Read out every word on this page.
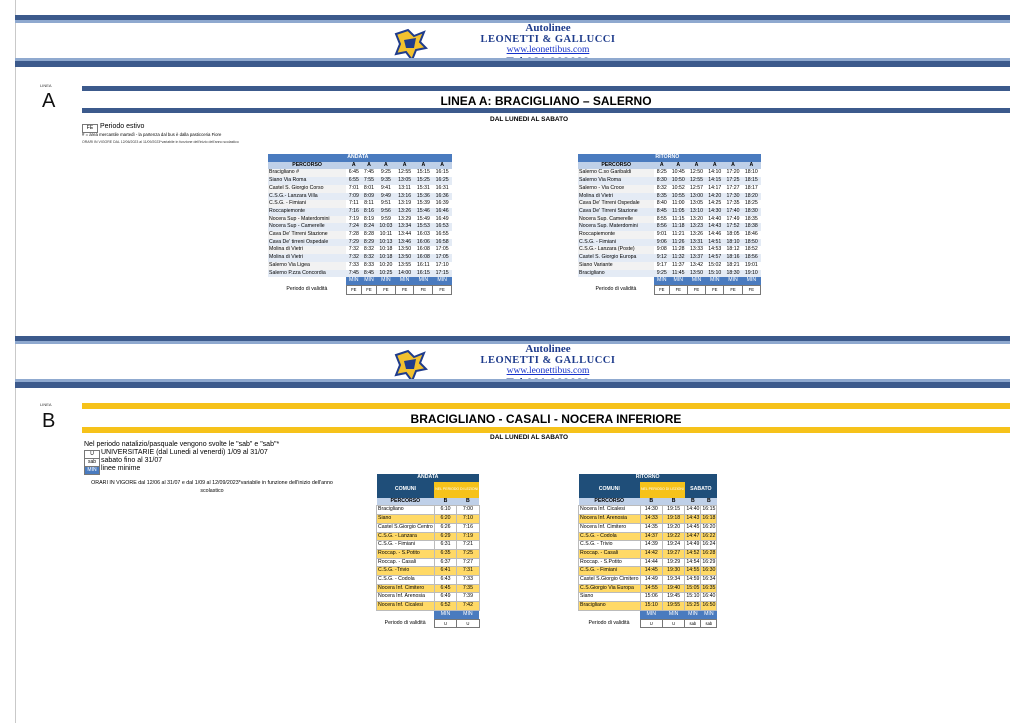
Autolinee
LEONETTI & GALLUCCI
www.leonettibus.com
LINEA
A	LINEA A: BRACIGLIANO – SALERNO
DAL LUNEDI AL SABATO
FE Periodo estivo
# = area mercantile martedì - la partenza dal bus è dalla pasticceria Fiore
ORARI IN VIGORE DAL 12/06/2023 al 11/09/2023*variabile in funzione dell'inizio dell'anno scolastico
	ANDATA					
PERCORSO	A	A	A	A	A	A
Bracigliano #	6:45	7:45	9:25	12:55	15:15	16:15
Siano Via Roma	6:55	7:55	9:35	13:05	15:25	16:25
Castel S. Giorgio Corso	7:01	8:01	9:41	13:11	15:31	16:31
C.S.G.- Lanzara Villa	7:09	8:09	9:49	13:16	15:36	16:36
C.S.G. - Fimiani	7:11	8:11	9:51	13:19	15:39	16:39
Roccapiemonte	7:16	8:16	9:56	13:26	15:46	16:46
Nocera Sup - Materdomini	7:19	8:19	9:59	13:29	15:49	16:49
Nocera Sup - Camerelle	7:24	8:24	10:03	13:34	15:53	16:53
Cava De' Tirreni Stazione	7:28	8:28	10:11	13:44	16:03	16:55
Cava De' tirreni Ospedale	7:29	8:29	10:13	13:46	16:06	16:58
Molina di Vietri	7:32	8:32	10:18	13:50	16:08	17:05
Molina di Vietri	7:32	8:32	10:18	13:50	16:08	17:05
Salerno Via Ligea	7:33	8:33	10:20	13:55	16:11	17:10
Salerno P.zza Concordia	7:45	8:45	10:25	14:00	16:15	17:15
	MIN	MIN	MIN	MIN	MIN	MIN
Periodo di validità	FE	FE	FE	FE	FE	FE
	RITORNO					
PERCORSO	A	A	A	A	A	A
Salerno C.so Garibaldi	8:25	10:45	12:50	14:10	17:20	18:10
Salerno Via Roma	8:30	10:50	12:55	14:15	17:25	18:15
Salerno - Via Croce	8:32	10:52	12:57	14:17	17:27	18:17
Molina di Vietri	8:35	10:55	13:00	14:20	17:30	18:20
Cava De' Tirreni Ospedale	8:40	11:00	13:05	14:25	17:35	18:25
Cava De' Tirreni Stazione	8:45	11:05	13:10	14:30	17:40	18:30
Nocera Sup. Camerelle	8:55	11:15	13:20	14:40	17:49	18:35
Nocera Sup. Materdomini	8:56	11:18	13:23	14:43	17:52	18:38
Roccapiemonte	9:01	11:21	13:26	14:46	18:05	18:46
C.S.G. - Fimiani	9:06	11:26	13:31	14:51	18:10	18:50
C.S.G.- Lanzara (Poste)	9:08	11:28	13:33	14:53	18:12	18:52
Castel S. Giorgio Europa	9:12	11:32	13:37	14:57	18:16	18:56
Siano Variante	9:17	11:37	13:42	15:02	18:21	19:01
Bracigliano	9:25	11:45	13:50	15:10	18:30	19:10
	MIN	MIN	MIN	MIN	MIN	MIN
Periodo di validità	FE	FE	FE	FE	FE	FE
Autolinee
LEONETTI & GALLUCCI
www.leonettibus.com
LINEA
B	BRACIGLIANO - CASALI - NOCERA INFERIORE
DAL LUNEDI AL SABATO
Nel periodo natalizio/pasquale vengono svolte le "sab" e "sab"*
U	UNIVERSITARIE (dal Lunedi al venerdi) 1/09 al 31/07
sab sabato fino al 31/07
MIN linee minime
ORARI IN VIGORE dal 12/06 al 31/07 e dal 1/09 al 12/09/2023*variabile in funzione dell'inizio dell'anno scolastico
ANDATA		
COMUNI	NEL PERIODO DI LEZIONI	
PERCORSO	B	B
Bracigliano	6:10	7:00
Siano	6:20	7:10
Castel S.Giorgio Centro	6:26	7:16
C.S.G. - Lanzara	6:29	7:19
C.S.G. - Fimiani	6:31	7:21
Roccap. - S.Potito	6:35	7:25
Roccap. - Casali	6:37	7:27
C.S.G. -Trivio	6:41	7:31
C.S.G. - Codola	6:43	7:33
Nocera Inf. Cimitero	6:45	7:35
Nocera Inf. Arenosia	6:49	7:39
Nocera Inf. Cicalesi	6:52	7:42
	MIN	MIN
Periodo di validità	U	U
RITORNO				
COMUNI	NEL PERIODO DI LEZIONI		SABATO	
PERCORSO	B	B	B	B
Nocera Inf. Cicalesi	14:30	19:15	14:40	16:15
Nocera Inf. Arenosia	14:33	19:18	14:43	16:18
Nocera Inf. Cimitero	14:35	19:20	14:45	16:20
C.S.G. - Codola	14:37	19:22	14:47	16:22
C.S.G. - Trivio	14:39	19:24	14:49	16:24
Roccap. - Casali	14:42	19:27	14:52	16:28
Roccap. - S.Potito	14:44	19:29	14:54	16:29
C.S.G. - Fimiani	14:45	19:30	14:55	16:30
Castel S.Giorgio Cimitero	14:49	19:34	14:59	16:34
C.S.Giorgio Via Europa	14:55	19:40	15:05	16:35
Siano	15:06	19:45	15:10	16:40
Bracigliano	15:10	19:55	15:25	16:50
	MIN	MIN	MIN	MIN
Periodo di validità	U	U	sab	sab
